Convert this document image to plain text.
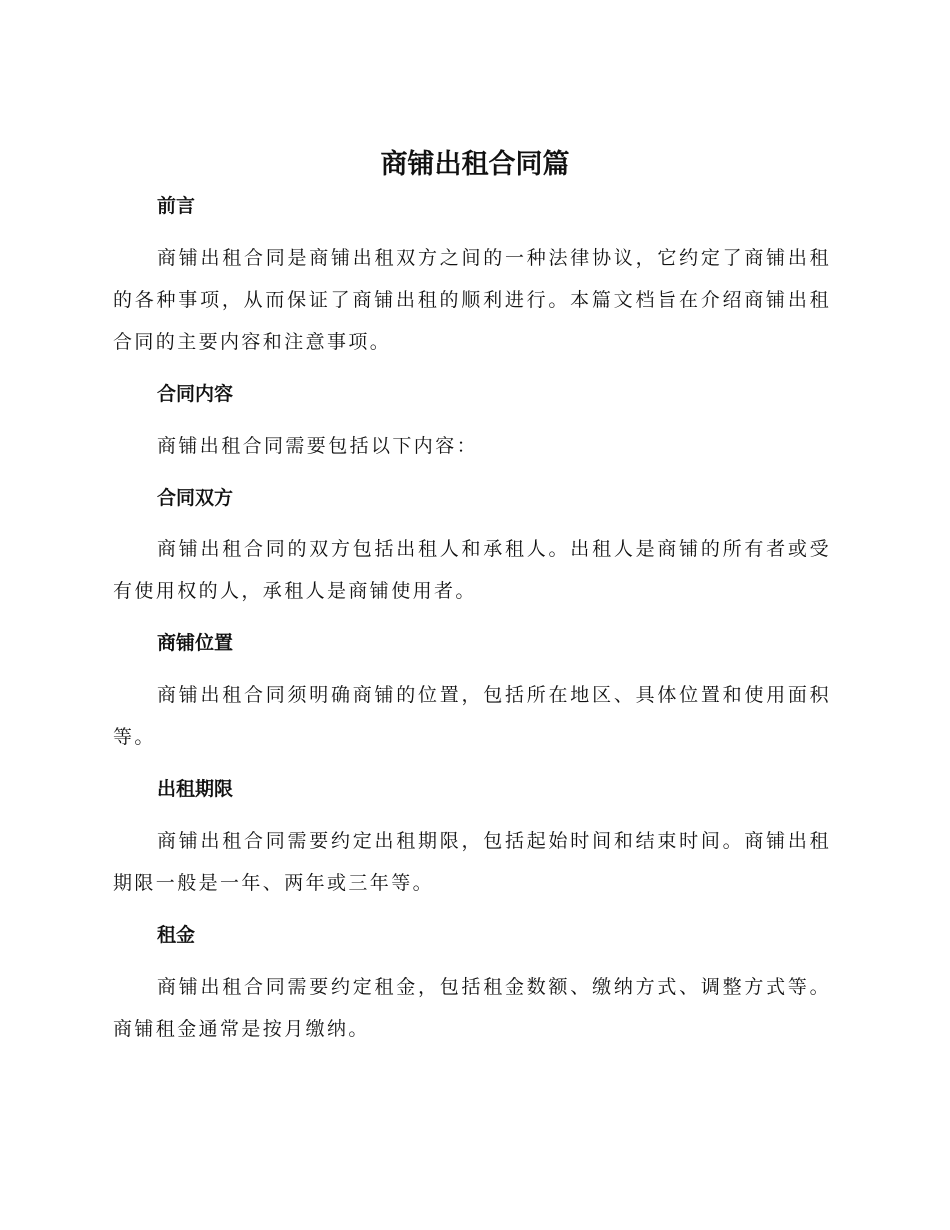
商铺出租合同篇
前言

商铺出租合同是商铺出租双方之间的一种法律协议，它约定了商铺出租的各种事项，从而保证了商铺出租的顺利进行。本篇文档旨在介绍商铺出租合同的主要内容和注意事项。

合同内容

商铺出租合同需要包括以下内容：

合同双方

商铺出租合同的双方包括出租人和承租人。出租人是商铺的所有者或受有使用权的人，承租人是商铺使用者。

商铺位置

商铺出租合同须明确商铺的位置，包括所在地区、具体位置和使用面积等。

出租期限

商铺出租合同需要约定出租期限，包括起始时间和结束时间。商铺出租期限一般是一年、两年或三年等。

租金

商铺出租合同需要约定租金，包括租金数额、缴纳方式、调整方式等。商铺租金通常是按月缴纳。
